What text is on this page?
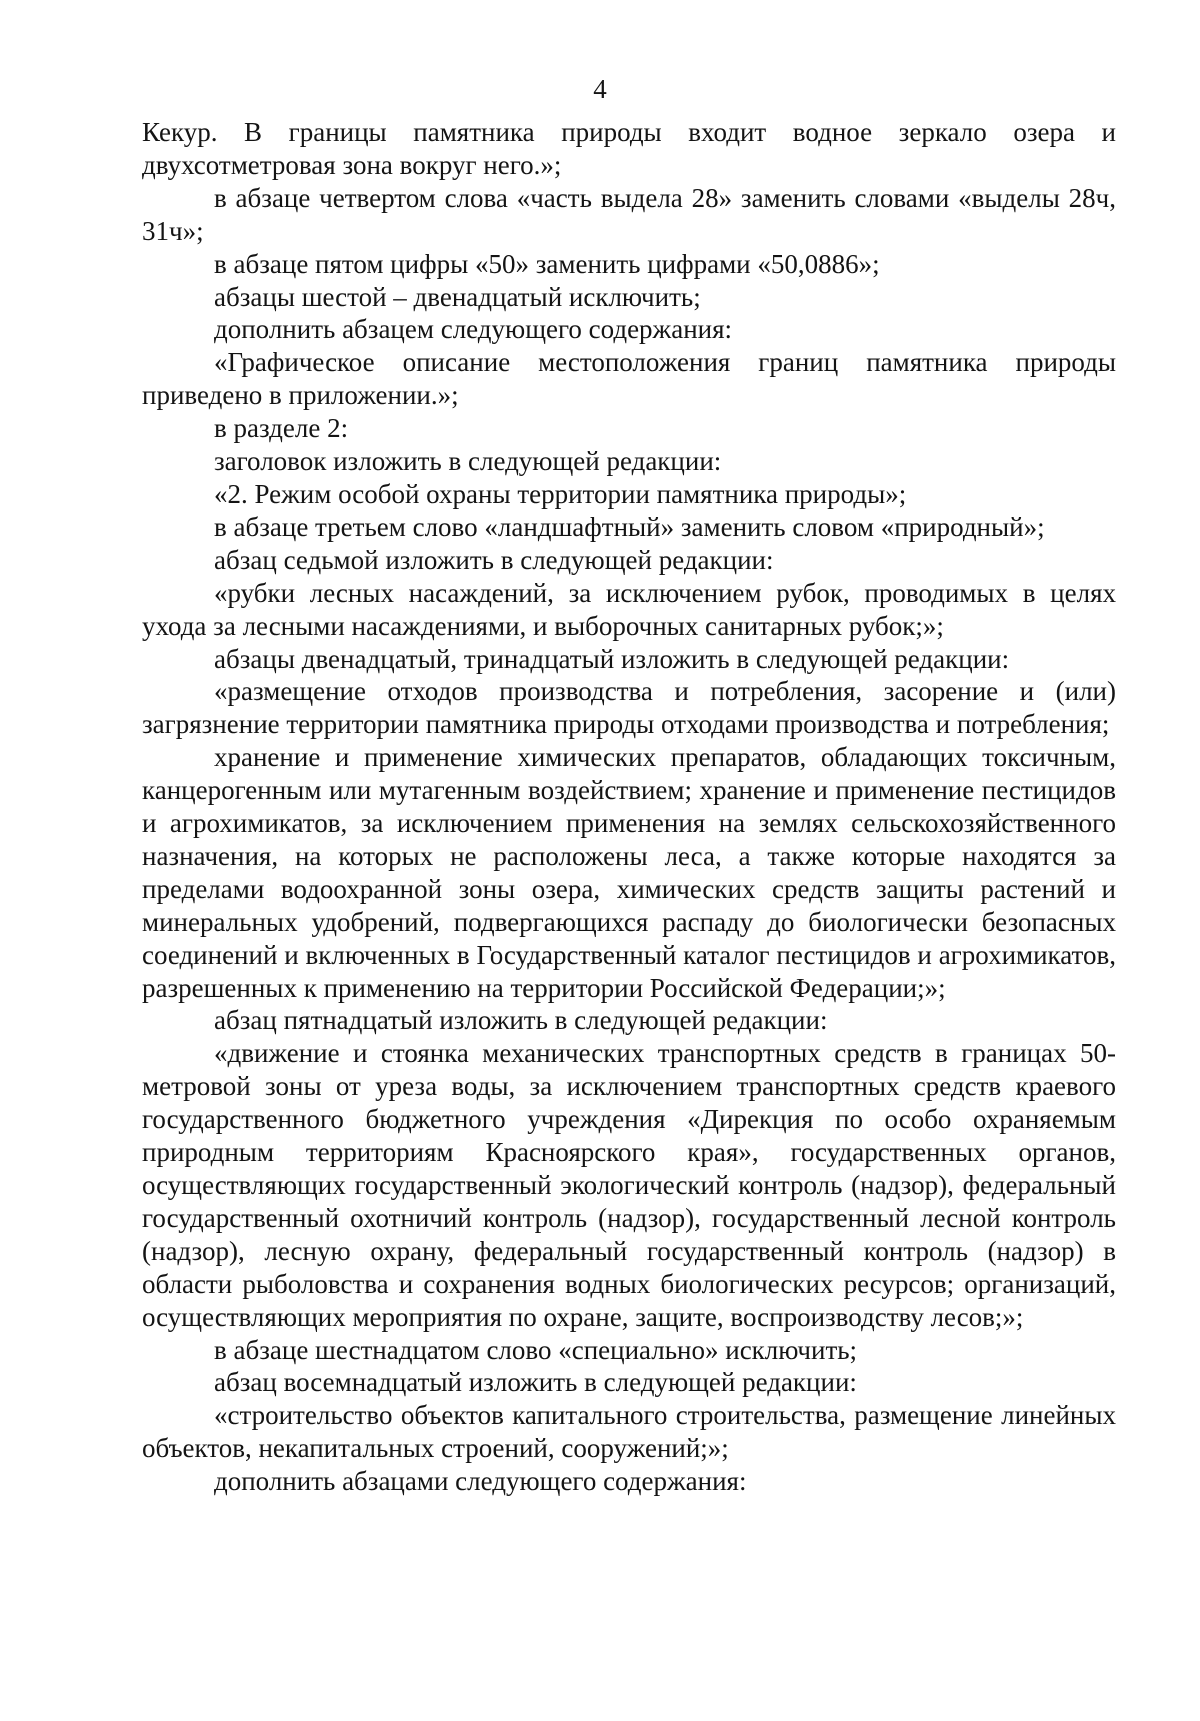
4

Кекур. В границы памятника природы входит водное зеркало озера и двухсотметровая зона вокруг него.»;

в абзаце четвертом слова «часть выдела 28» заменить словами «выделы 28ч, 31ч»;

в абзаце пятом цифры «50» заменить цифрами «50,0886»;

абзацы шестой – двенадцатый исключить;

дополнить абзацем следующего содержания:

«Графическое описание местоположения границ памятника природы приведено в приложении.»;

в разделе 2:

заголовок изложить в следующей редакции:

«2. Режим особой охраны территории памятника природы»;

в абзаце третьем слово «ландшафтный» заменить словом «природный»;

абзац седьмой изложить в следующей редакции:

«рубки лесных насаждений, за исключением рубок, проводимых в целях ухода за лесными насаждениями, и выборочных санитарных рубок;»;

абзацы двенадцатый, тринадцатый изложить в следующей редакции:

«размещение отходов производства и потребления, засорение и (или) загрязнение территории памятника природы отходами производства и потребления;

хранение и применение химических препаратов, обладающих токсичным, канцерогенным или мутагенным воздействием; хранение и применение пестицидов и агрохимикатов, за исключением применения на землях сельскохозяйственного назначения, на которых не расположены леса, а также которые находятся за пределами водоохранной зоны озера, химических средств защиты растений и минеральных удобрений, подвергающихся распаду до биологически безопасных соединений и включенных в Государственный каталог пестицидов и агрохимикатов, разрешенных к применению на территории Российской Федерации;»;

абзац пятнадцатый изложить в следующей редакции:

«движение и стоянка механических транспортных средств в границах 50-метровой зоны от уреза воды, за исключением транспортных средств краевого государственного бюджетного учреждения «Дирекция по особо охраняемым природным территориям Красноярского края», государственных органов, осуществляющих государственный экологический контроль (надзор), федеральный государственный охотничий контроль (надзор), государственный лесной контроль (надзор), лесную охрану, федеральный государственный контроль (надзор) в области рыболовства и сохранения водных биологических ресурсов; организаций, осуществляющих мероприятия по охране, защите, воспроизводству лесов;»;

в абзаце шестнадцатом слово «специально» исключить;

абзац восемнадцатый изложить в следующей редакции:

«строительство объектов капитального строительства, размещение линейных объектов, некапитальных строений, сооружений;»;

дополнить абзацами следующего содержания:
